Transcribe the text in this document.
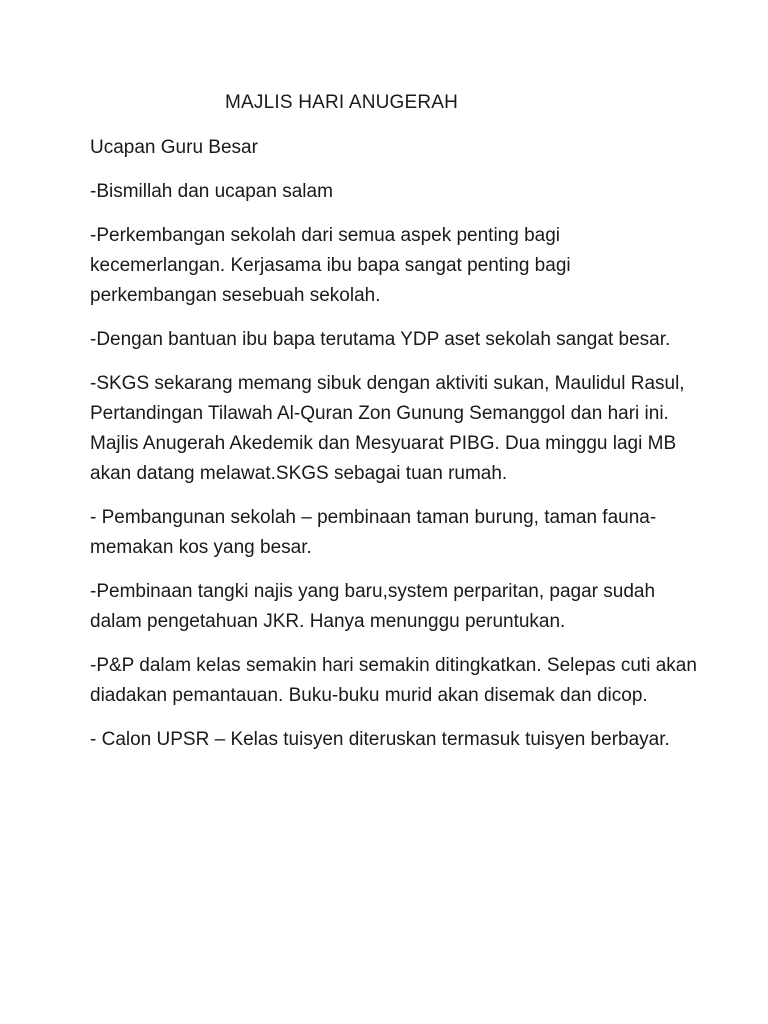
MAJLIS HARI ANUGERAH

Ucapan Guru Besar

-Bismillah dan ucapan salam

-Perkembangan sekolah dari semua aspek penting bagi kecemerlangan. Kerjasama ibu bapa sangat penting bagi perkembangan sesebuah sekolah.

-Dengan bantuan ibu bapa terutama YDP aset sekolah sangat besar.

-SKGS sekarang memang sibuk dengan aktiviti sukan, Maulidul Rasul, Pertandingan Tilawah Al-Quran Zon Gunung Semanggol dan hari ini. Majlis Anugerah Akedemik dan Mesyuarat PIBG. Dua minggu lagi MB akan datang melawat.SKGS sebagai tuan rumah.

- Pembangunan sekolah – pembinaan taman burung, taman fauna- memakan kos yang besar.

-Pembinaan tangki najis yang baru,system perparitan, pagar sudah dalam pengetahuan JKR. Hanya menunggu peruntukan.

-P&P dalam kelas semakin hari semakin ditingkatkan. Selepas cuti akan diadakan pemantauan. Buku-buku murid akan disemak dan dicop.

- Calon UPSR – Kelas tuisyen diteruskan termasuk tuisyen berbayar.
